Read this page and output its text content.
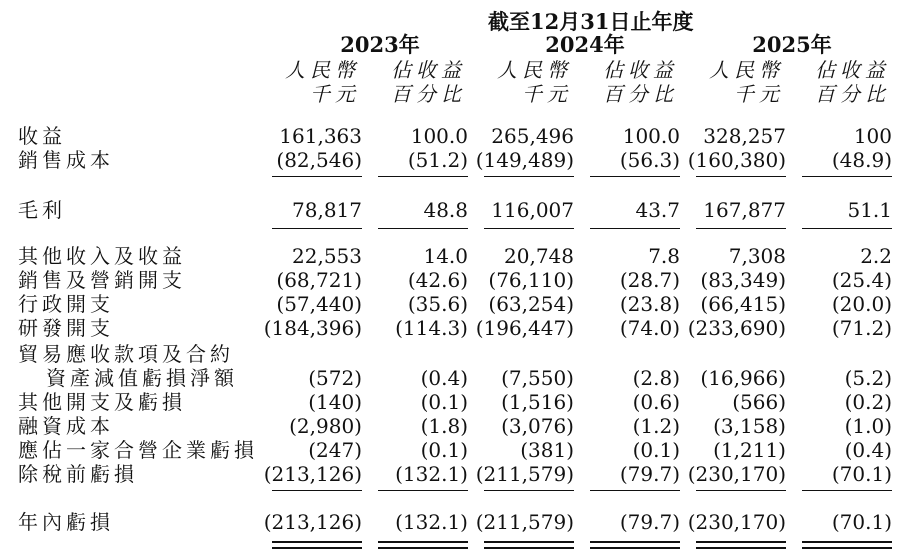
截至12月31日止年度
2023年	2024年	2025年
人民幣	佔收益	人民幣	佔收益	人民幣	佔收益
千元	百分比	千元	百分比	千元	百分比
收益	161,363	100.0	265,496	100.0	328,257	100
銷售成本	(82,546)	(51.2) (149,489)	(56.3) (160,380)	(48.9)
毛利	78,817	48.8	116,007	43.7	167,877	51.1
其他收入及收益	22,553	14.0	20,748	7.8	7,308	2.2
銷售及營銷開支	(68,721)	(42.6)	(76,110)	(28.7)	(83,349)	(25.4)
行政開支	(57,440)	(35.6)	(63,254)	(23.8)	(66,415)	(20.0)
研發開支	(184,396)	(114.3) (196,447)	(74.0) (233,690)	(71.2)
貿易應收款項及合約
資產減值虧損淨額	(572)	(0.4)	(7,550)	(2.8)	(16,966)	(5.2)
其他開支及虧損	(140)	(0.1)	(1,516)	(0.6)	(566)	(0.2)
融資成本	(2,980)	(1.8)	(3,076)	(1.2)	(3,158)	(1.0)
應佔一家合營企業虧損	(247)	(0.1)	(381)	(0.1)	(1,211)	(0.4)
除稅前虧損	(213,126)	(132.1) (211,579)	(79.7) (230,170)	(70.1)
年內虧損	(213,126)	(132.1) (211,579)	(79.7) (230,170)	(70.1)
